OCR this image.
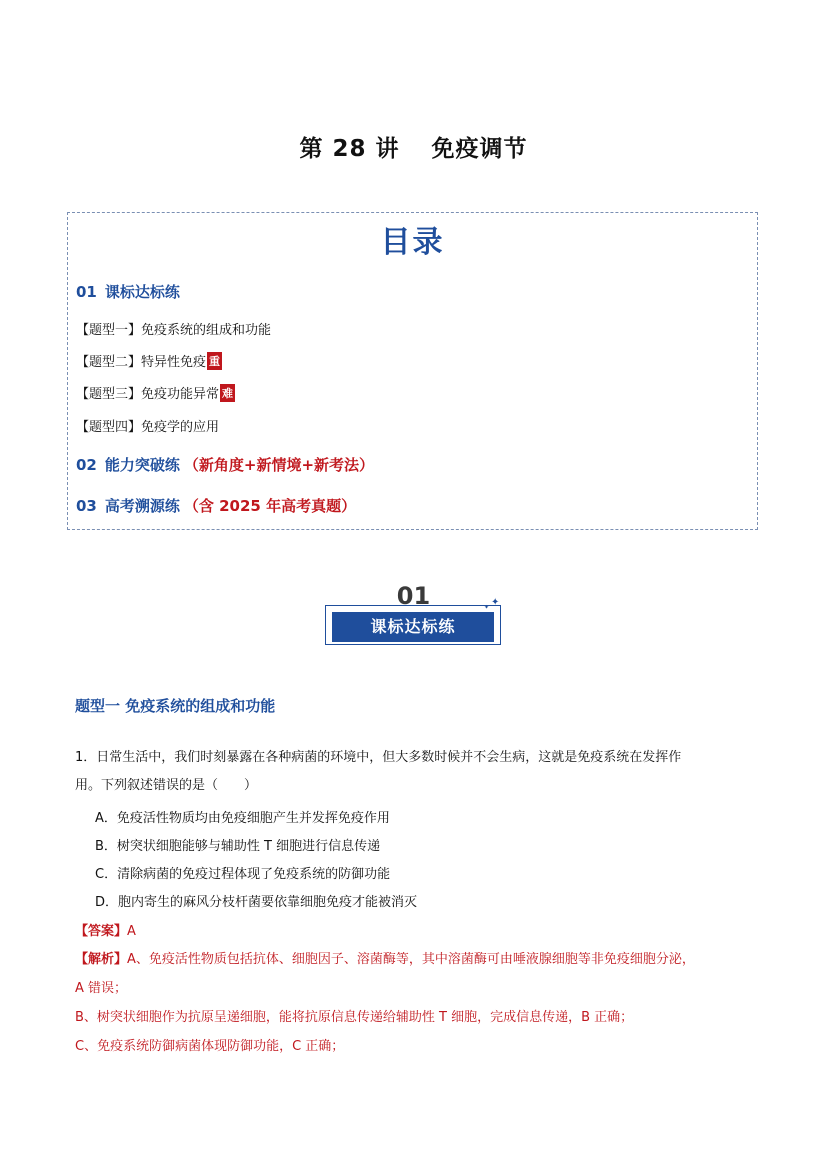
第 28 讲 免疫调节
目录
01 课标达标练
【题型一】免疫系统的组成和功能
【题型二】特异性免疫 重
【题型三】免疫功能异常 难
【题型四】免疫学的应用
02 能力突破练 （新角度+新情境+新考法）
03 高考溯源练 （含 2025 年高考真题）
01
课标达标练
✦
✦
题型一 免疫系统的组成和功能
1．日常生活中，我们时刻暴露在各种病菌的环境中，但大多数时候并不会生病，这就是免疫系统在发挥作
用。下列叙述错误的是（　　）
A．免疫活性物质均由免疫细胞产生并发挥免疫作用
B．树突状细胞能够与辅助性 T 细胞进行信息传递
C．清除病菌的免疫过程体现了免疫系统的防御功能
D．胞内寄生的麻风分枝杆菌要依靠细胞免疫才能被消灭
【答案】A
【解析】A、免疫活性物质包括抗体、细胞因子、溶菌酶等，其中溶菌酶可由唾液腺细胞等非免疫细胞分泌，
A 错误；
B、树突状细胞作为抗原呈递细胞，能将抗原信息传递给辅助性 T 细胞，完成信息传递，B 正确；
C、免疫系统防御病菌体现防御功能，C 正确；
